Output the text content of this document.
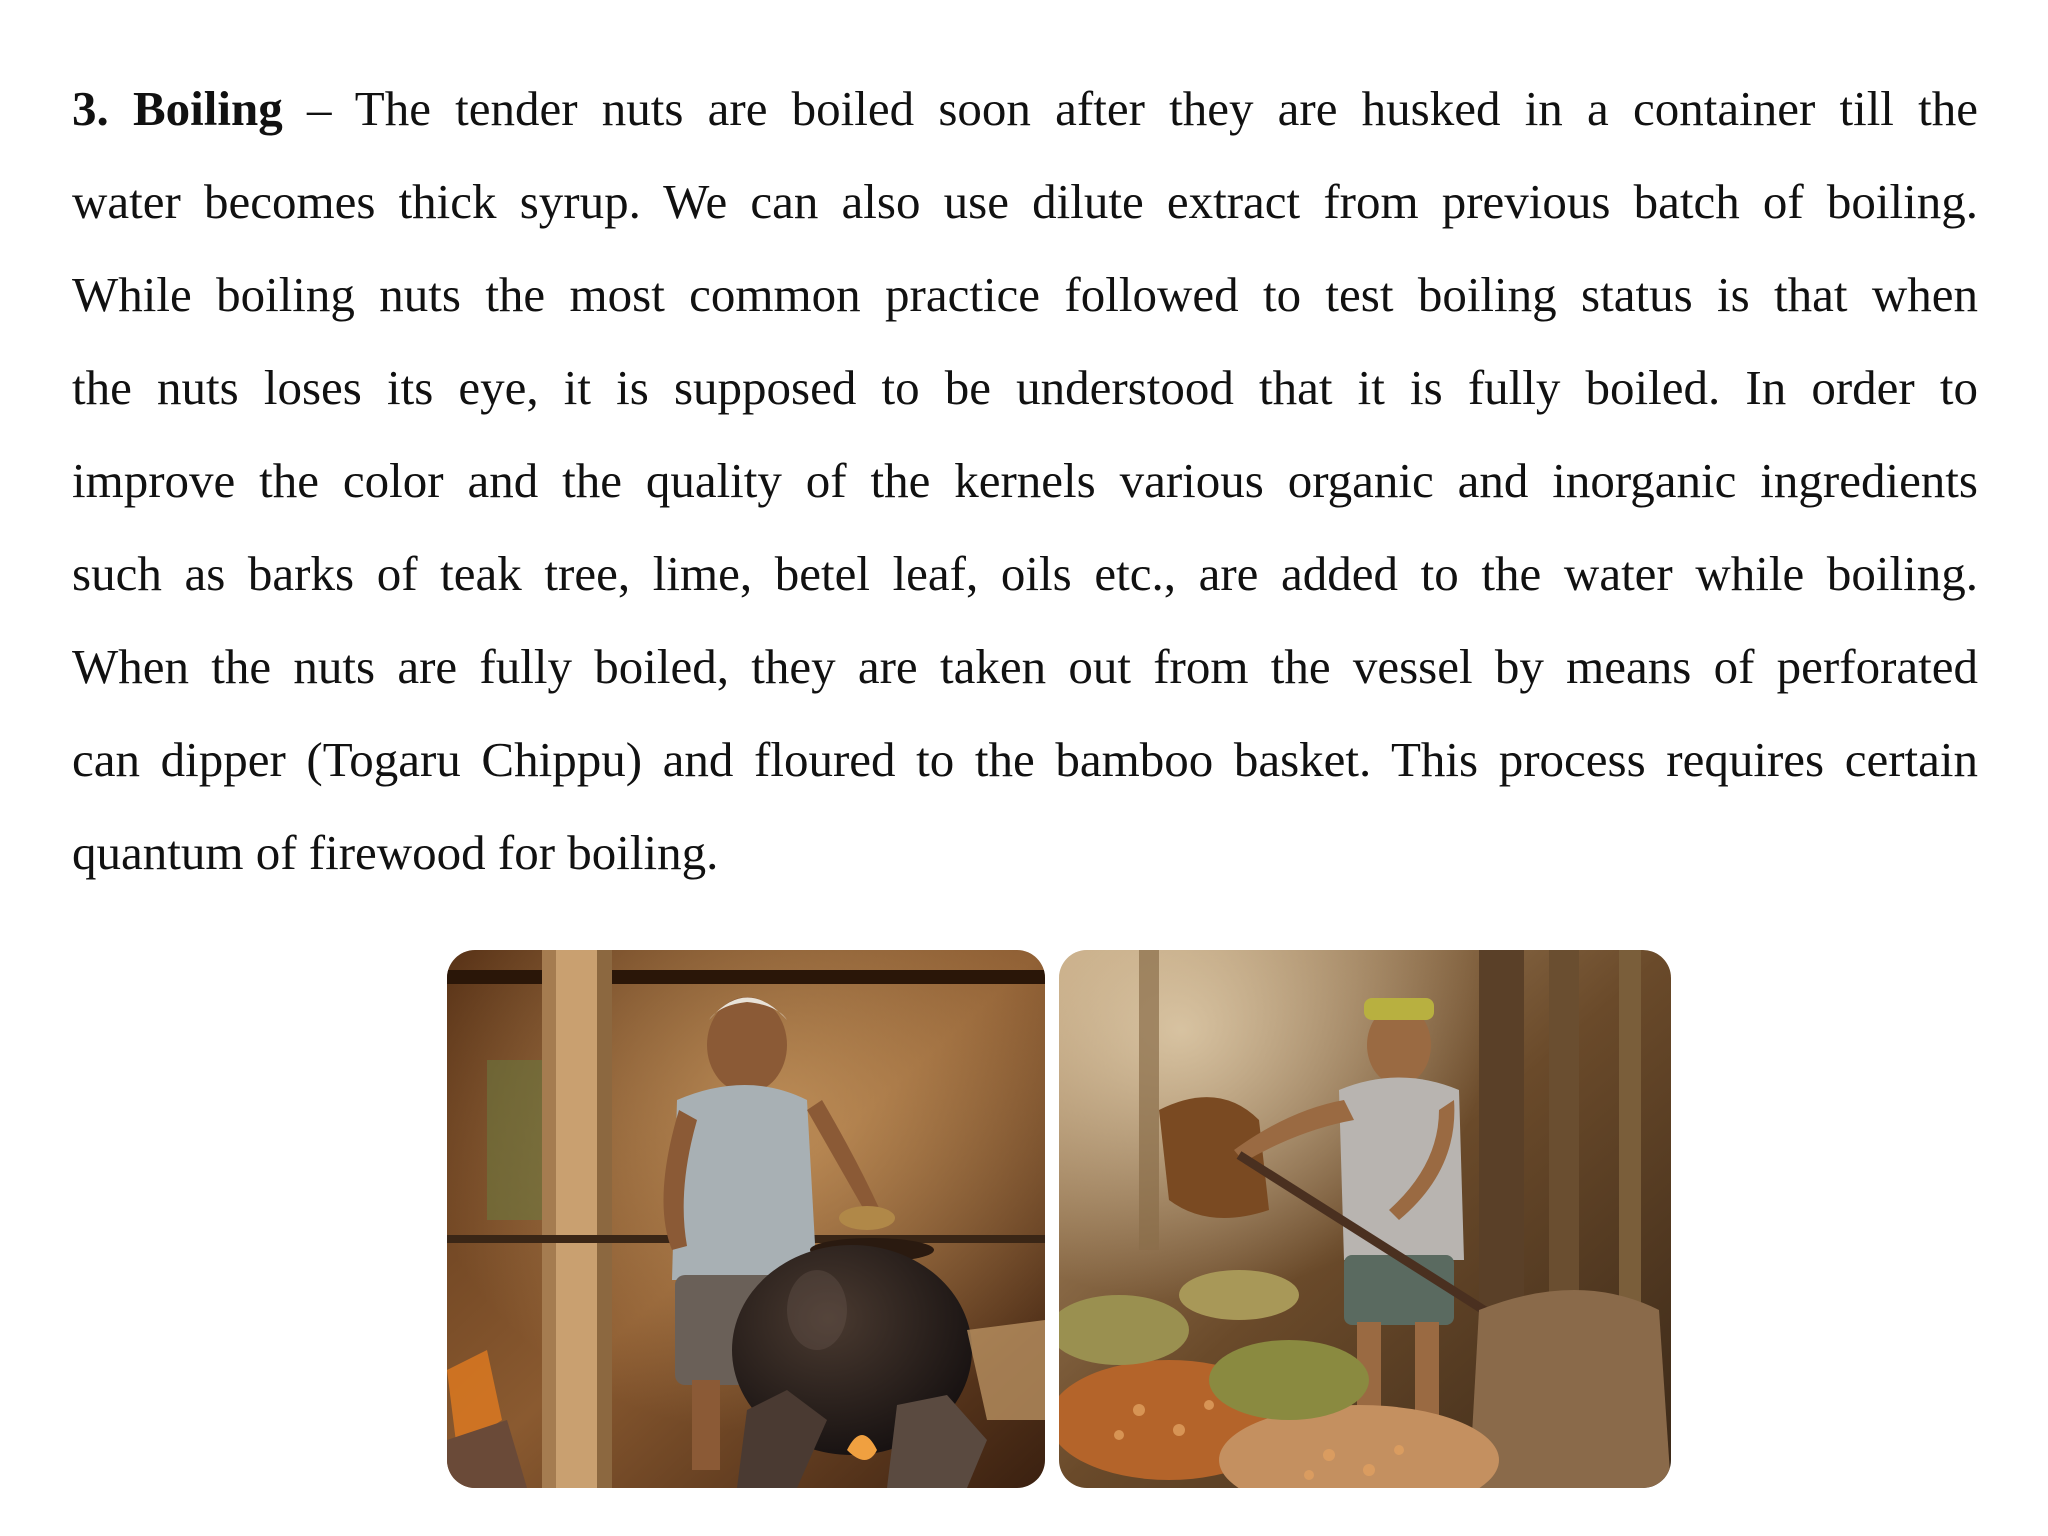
3. Boiling – The tender nuts are boiled soon after they are husked in a container till the
water becomes thick syrup. We can also use dilute extract from previous batch of boiling.
While boiling nuts the most common practice followed to test boiling status is that when
the nuts loses its eye, it is supposed to be understood that it is fully boiled. In order to
improve the color and the quality of the kernels various organic and inorganic ingredients
such as barks of teak tree, lime, betel leaf, oils etc., are added to the water while boiling.
When the nuts are fully boiled, they are taken out from the vessel by means of perforated
can dipper (Togaru Chippu) and floured to the bamboo basket. This process requires certain
quantum of firewood for boiling.
